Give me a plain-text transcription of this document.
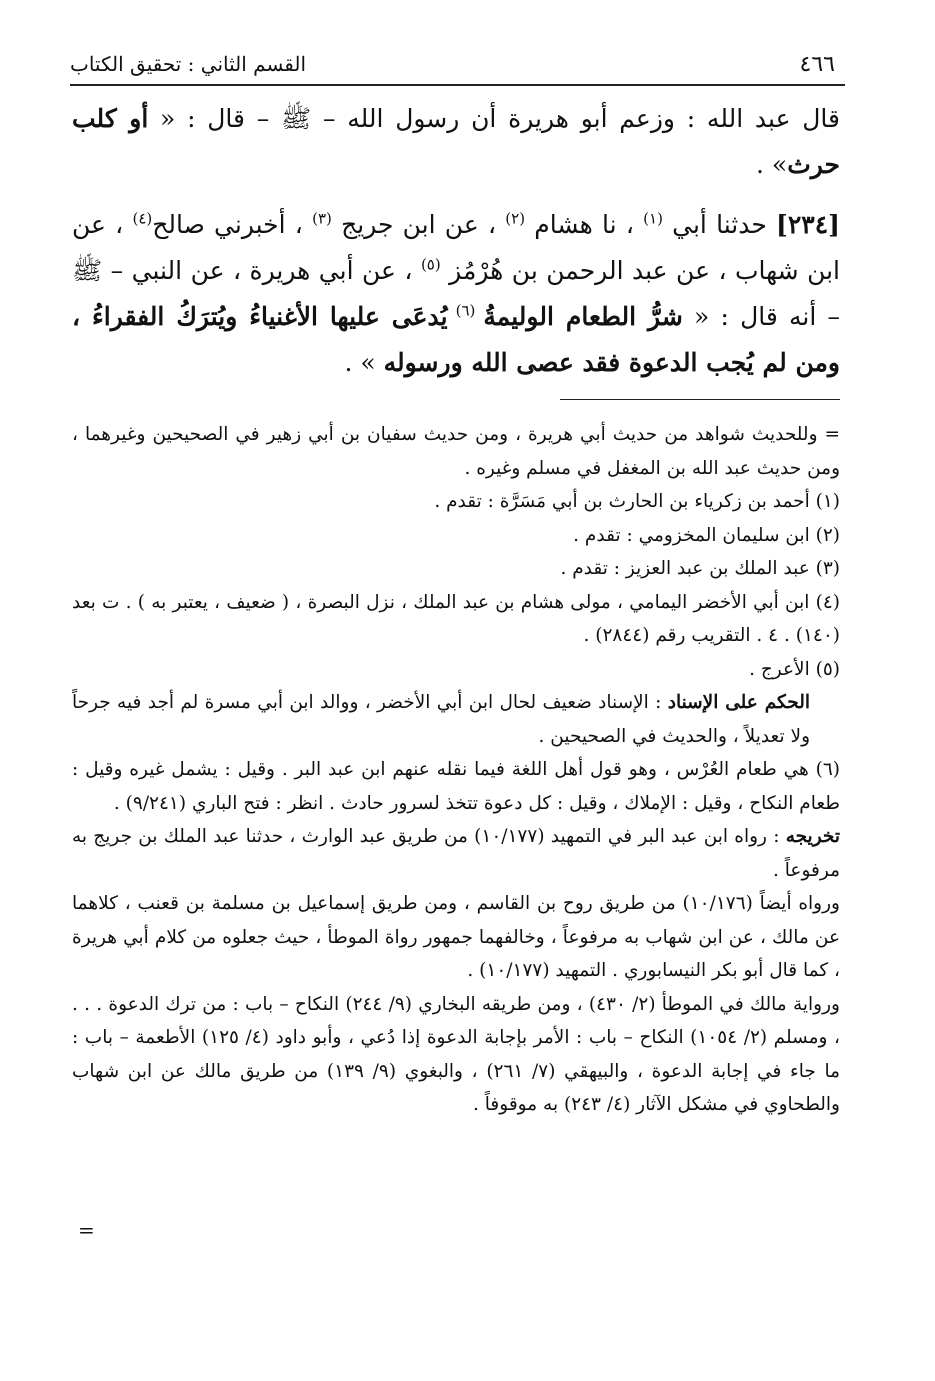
٤٦٦
القسم الثاني : تحقيق الكتاب

قال عبد الله : وزعم أبو هريرة أن رسول الله – ﷺ – قال : « أو كلب حرث» .

[٢٣٤] حدثنا أبي $^{(١)}$ ، نا هشام $^{(٢)}$ ، عن ابن جريج $^{(٣)}$ ، أخبرني صالح$^{(٤)}$ ، عن ابن شهاب ، عن عبد الرحمن بن هُرْمُز $^{(٥)}$ ، عن أبي هريرة ، عن النبي – ﷺ – أنه قال : « شرُّ الطعام الوليمةُ $^{(٦)}$ يُدعَى عليها الأغنياءُ ويُترَكُ الفقراءُ ، ومن لم يُجب الدعوة فقد عصى الله ورسوله » .

= وللحديث شواهد من حديث أبي هريرة ، ومن حديث سفيان بن أبي زهير في الصحيحين وغيرهما ، ومن حديث عبد الله بن المغفل في مسلم وغيره .

(١) أحمد بن زكرياء بن الحارث بن أبي مَسَرَّة : تقدم .

(٢) ابن سليمان المخزومي : تقدم .

(٣) عبد الملك بن عبد العزيز : تقدم .

(٤) ابن أبي الأخضر اليمامي ، مولى هشام بن عبد الملك ، نزل البصرة ، ( ضعيف ، يعتبر به ) . ت بعد (١٤٠) . ٤ . التقريب رقم (٢٨٤٤) .

(٥) الأعرج .

الحكم على الإسناد : الإسناد ضعيف لحال ابن أبي الأخضر ، ووالد ابن أبي مسرة لم أجد فيه جرحاً ولا تعديلاً ، والحديث في الصحيحين .

(٦) هي طعام العُرْس ، وهو قول أهل اللغة فيما نقله عنهم ابن عبد البر . وقيل : يشمل غيره وقيل : طعام النكاح ، وقيل : الإملاك ، وقيل : كل دعوة تتخذ لسرور حادث . انظر : فتح الباري (٩/٢٤١) .

تخريجه : رواه ابن عبد البر في التمهيد (١٠/١٧٧) من طريق عبد الوارث ، حدثنا عبد الملك بن جريج به مرفوعاً .

ورواه أيضاً (١٠/١٧٦) من طريق روح بن القاسم ، ومن طريق إسماعيل بن مسلمة بن قعنب ، كلاهما عن مالك ، عن ابن شهاب به مرفوعاً ، وخالفهما جمهور رواة الموطأ ، حيث جعلوه من كلام أبي هريرة ، كما قال أبو بكر النيسابوري . التمهيد (١٠/١٧٧) .

ورواية مالك في الموطأ (٢/ ٤٣٠) ، ومن طريقه البخاري (٩/ ٢٤٤) النكاح – باب : من ترك الدعوة . . . ، ومسلم (٢/ ١٠٥٤) النكاح – باب : الأمر بإجابة الدعوة إذا دُعي ، وأبو داود (٤/ ١٢٥) الأطعمة – باب : ما جاء في إجابة الدعوة ، والبيهقي (٧/ ٢٦١) ، والبغوي (٩/ ١٣٩) من طريق مالك عن ابن شهاب والطحاوي في مشكل الآثار (٤/ ٢٤٣) به موقوفاً .

=
